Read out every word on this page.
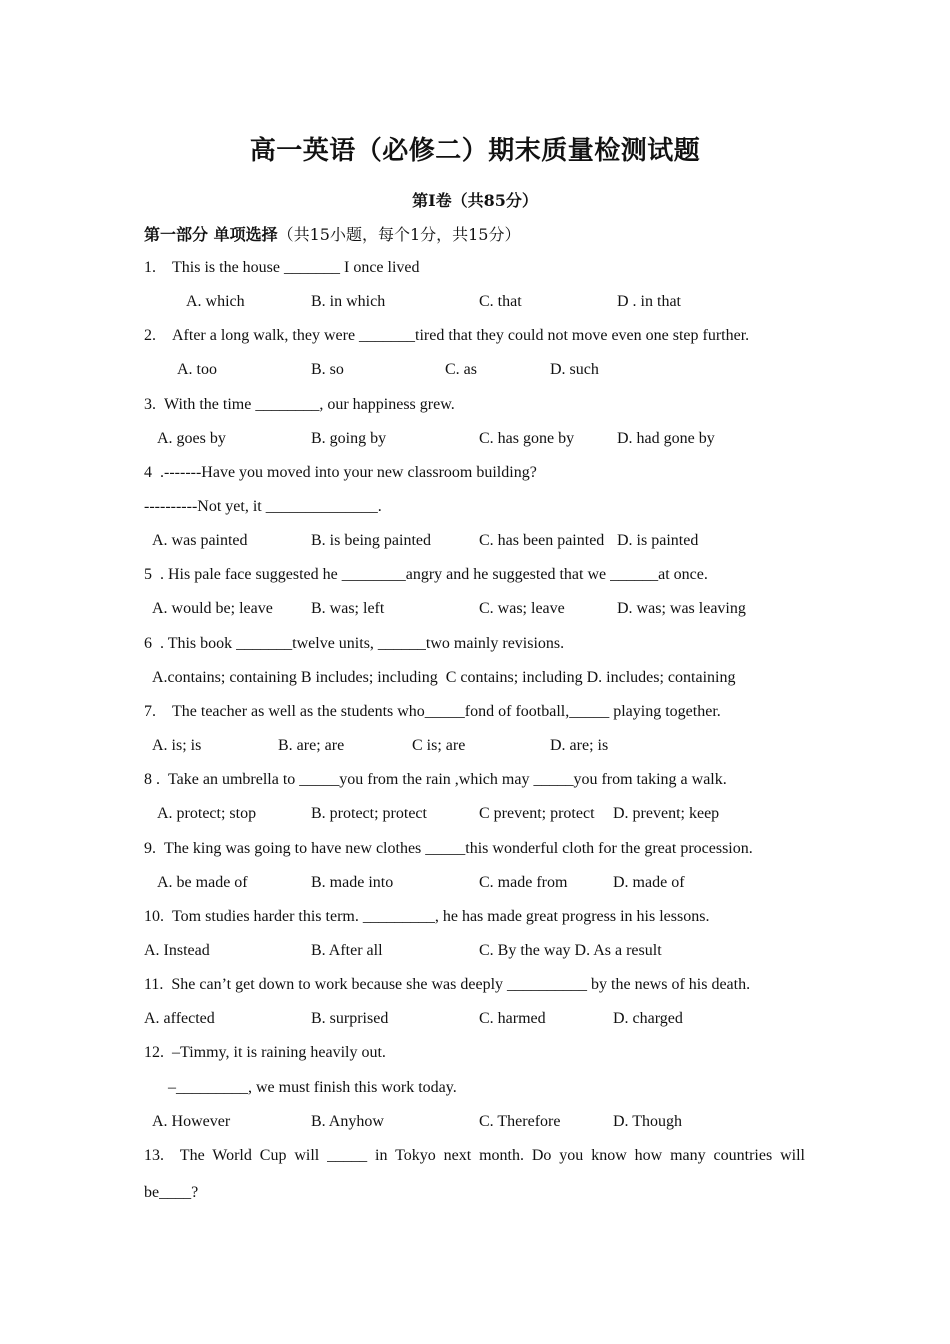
高一英语（必修二）期末质量检测试题
第Ⅰ卷（共85分）
第一部分 单项选择（共15小题，每个1分，共15分）
1.    This is the house _______ I once lived
A. which	B. in which	C. that	D . in that
2.    After a long walk, they were _______tired that they could not move even one step further.
A. too	B. so	C. as	D. such
3.  With the time ________, our happiness grew.
A. goes by	B. going by	C. has gone by	D. had gone by
4  .-------Have you moved into your new classroom building?
----------Not yet, it ______________.
A. was painted	B. is being painted	C. has been painted D. is painted
5  . His pale face suggested he ________angry and he suggested that we ______at once.
A. would be; leave B. was; left	C. was; leave	D. was; was leaving
6  . This book _______twelve units, ______two mainly revisions.
A.contains; containing B includes; including  C contains; including D. includes; containing
7.    The teacher as well as the students who_____fond of football,_____ playing together.
A. is; is	B. are; are	C is; are	D. are; is
8 .  Take an umbrella to _____you from the rain ,which may _____you from taking a walk.
A. protect; stop	B. protect; protect	C prevent; protect D. prevent; keep
9.  The king was going to have new clothes _____this wonderful cloth for the great procession.
A. be made of	B. made into	C. made from	D. made of
10.  Tom studies harder this term. _________, he has made great progress in his lessons.
A. Instead	B. After all	C. By the way D. As a result
11.  She can’t get down to work because she was deeply __________ by the news of his death.
A. affected	B. surprised	C. harmed	D. charged
12.  –Timmy, it is raining heavily out.
–_________, we must finish this work today.
A. However	B. Anyhow	C. Therefore	D. Though
13.  The World Cup will _____ in Tokyo next month. Do you know how many countries will
be____?
